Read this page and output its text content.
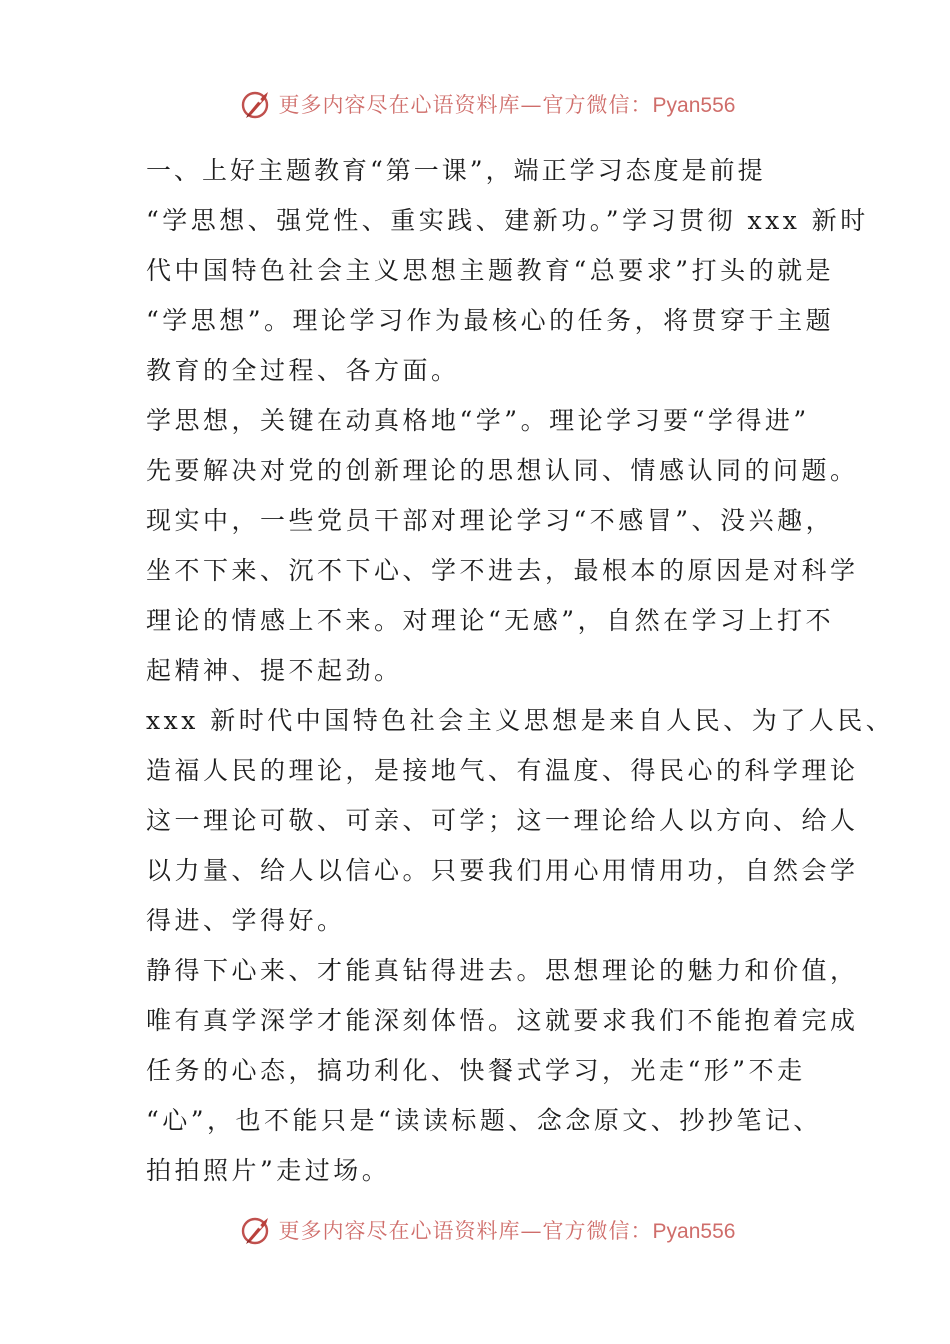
更多内容尽在心语资料库—官方微信：Pyan556
一、上好主题教育“第一课”，端正学习态度是前提
“学思想、强党性、重实践、建新功。”学习贯彻 xxx 新时
代中国特色社会主义思想主题教育“总要求”打头的就是
“学思想”。理论学习作为最核心的任务，将贯穿于主题
教育的全过程、各方面。
学思想，关键在动真格地“学”。理论学习要“学得进”
先要解决对党的创新理论的思想认同、情感认同的问题。
现实中，一些党员干部对理论学习“不感冒”、没兴趣，
坐不下来、沉不下心、学不进去，最根本的原因是对科学
理论的情感上不来。对理论“无感”，自然在学习上打不
起精神、提不起劲。
xxx 新时代中国特色社会主义思想是来自人民、为了人民、
造福人民的理论，是接地气、有温度、得民心的科学理论
这一理论可敬、可亲、可学；这一理论给人以方向、给人
以力量、给人以信心。只要我们用心用情用功，自然会学
得进、学得好。
静得下心来、才能真钻得进去。思想理论的魅力和价值，
唯有真学深学才能深刻体悟。这就要求我们不能抱着完成
任务的心态，搞功利化、快餐式学习，光走“形”不走
“心”，也不能只是“读读标题、念念原文、抄抄笔记、
拍拍照片”走过场。
更多内容尽在心语资料库—官方微信：Pyan556
